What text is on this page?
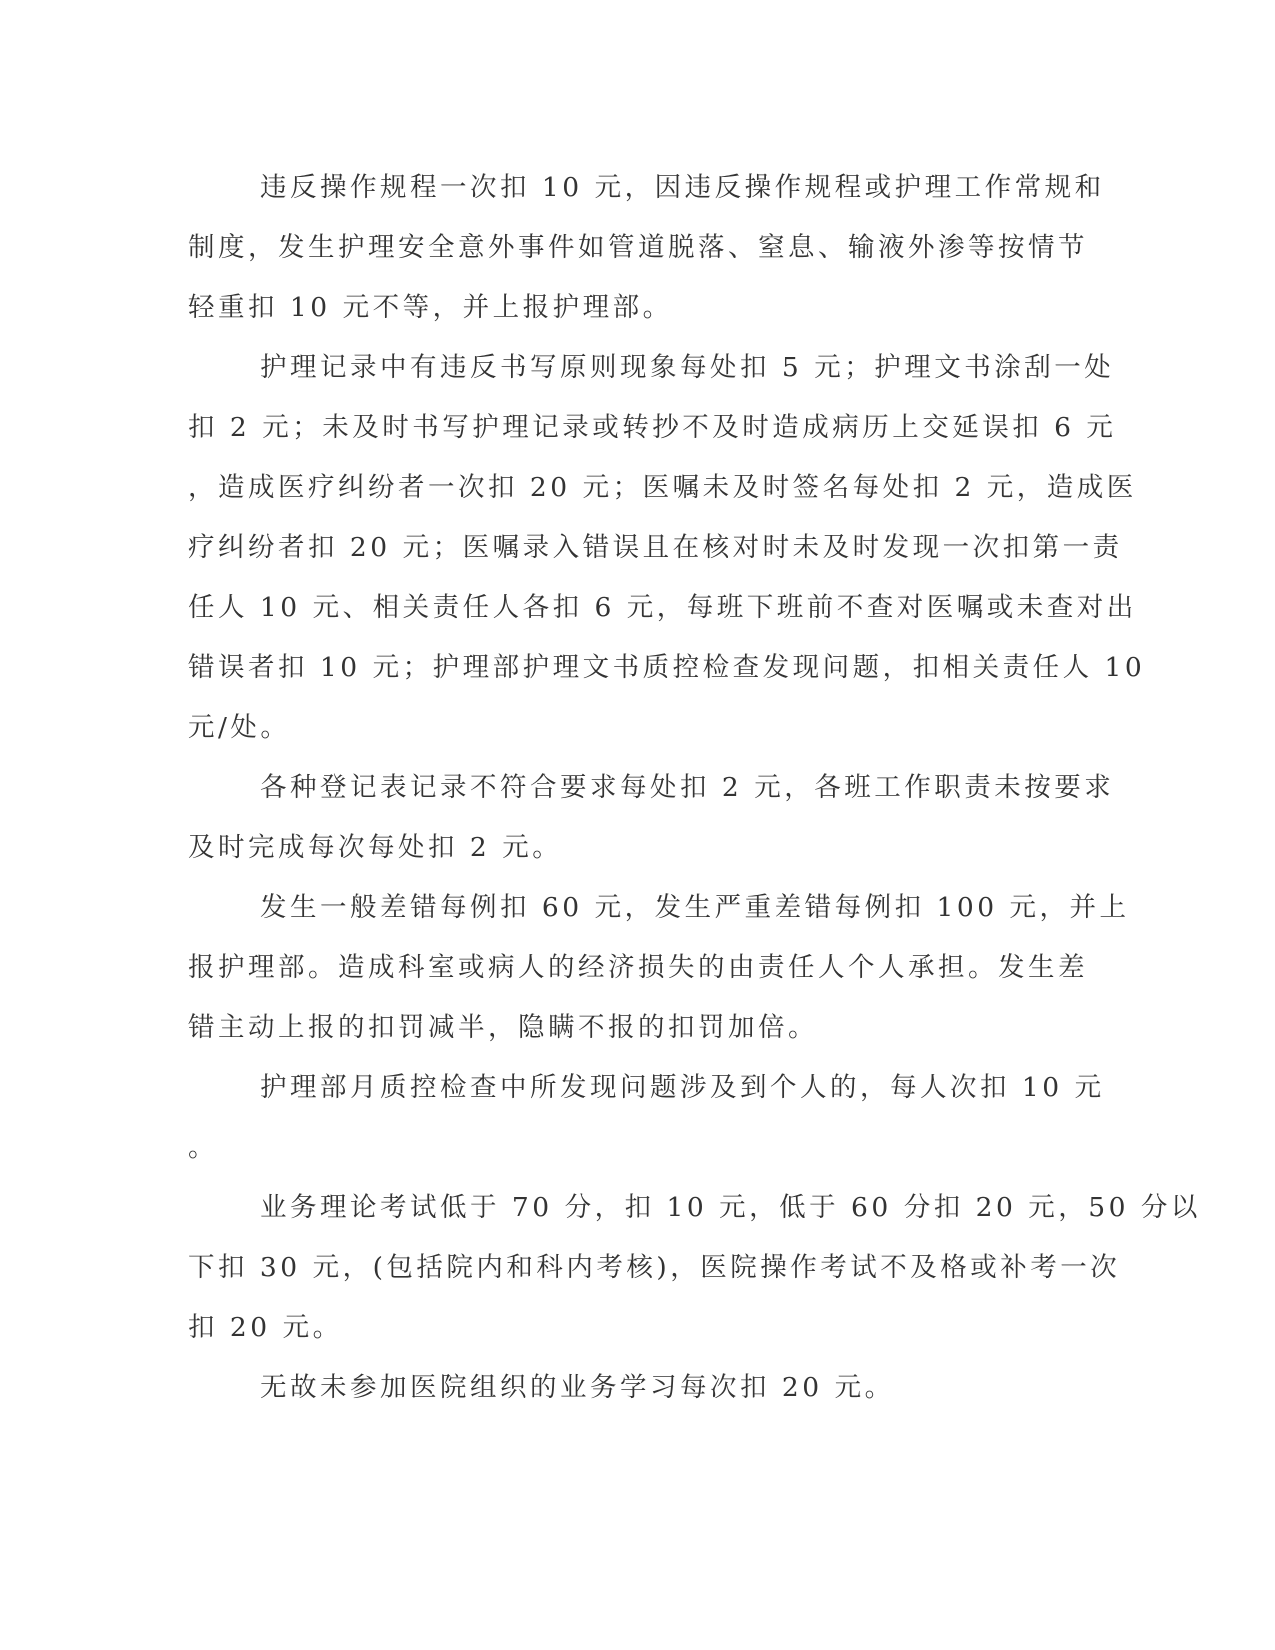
违反操作规程一次扣 10 元，因违反操作规程或护理工作常规和
制度，发生护理安全意外事件如管道脱落、窒息、输液外渗等按情节
轻重扣 10 元不等，并上报护理部。
护理记录中有违反书写原则现象每处扣 5 元；护理文书涂刮一处
扣 2 元；未及时书写护理记录或转抄不及时造成病历上交延误扣 6 元
，造成医疗纠纷者一次扣 20 元；医嘱未及时签名每处扣 2 元，造成医
疗纠纷者扣 20 元；医嘱录入错误且在核对时未及时发现一次扣第一责
任人 10 元、相关责任人各扣 6 元，每班下班前不查对医嘱或未查对出
错误者扣 10 元；护理部护理文书质控检查发现问题，扣相关责任人 10
元/处。
各种登记表记录不符合要求每处扣 2 元，各班工作职责未按要求
及时完成每次每处扣 2 元。
发生一般差错每例扣 60 元，发生严重差错每例扣 100 元，并上
报护理部。造成科室或病人的经济损失的由责任人个人承担。发生差
错主动上报的扣罚减半，隐瞒不报的扣罚加倍。
护理部月质控检查中所发现问题涉及到个人的，每人次扣 10 元
。
业务理论考试低于 70 分，扣 10 元，低于 60 分扣 20 元，50 分以
下扣 30 元，(包括院内和科内考核)，医院操作考试不及格或补考一次
扣 20 元。
无故未参加医院组织的业务学习每次扣 20 元。
